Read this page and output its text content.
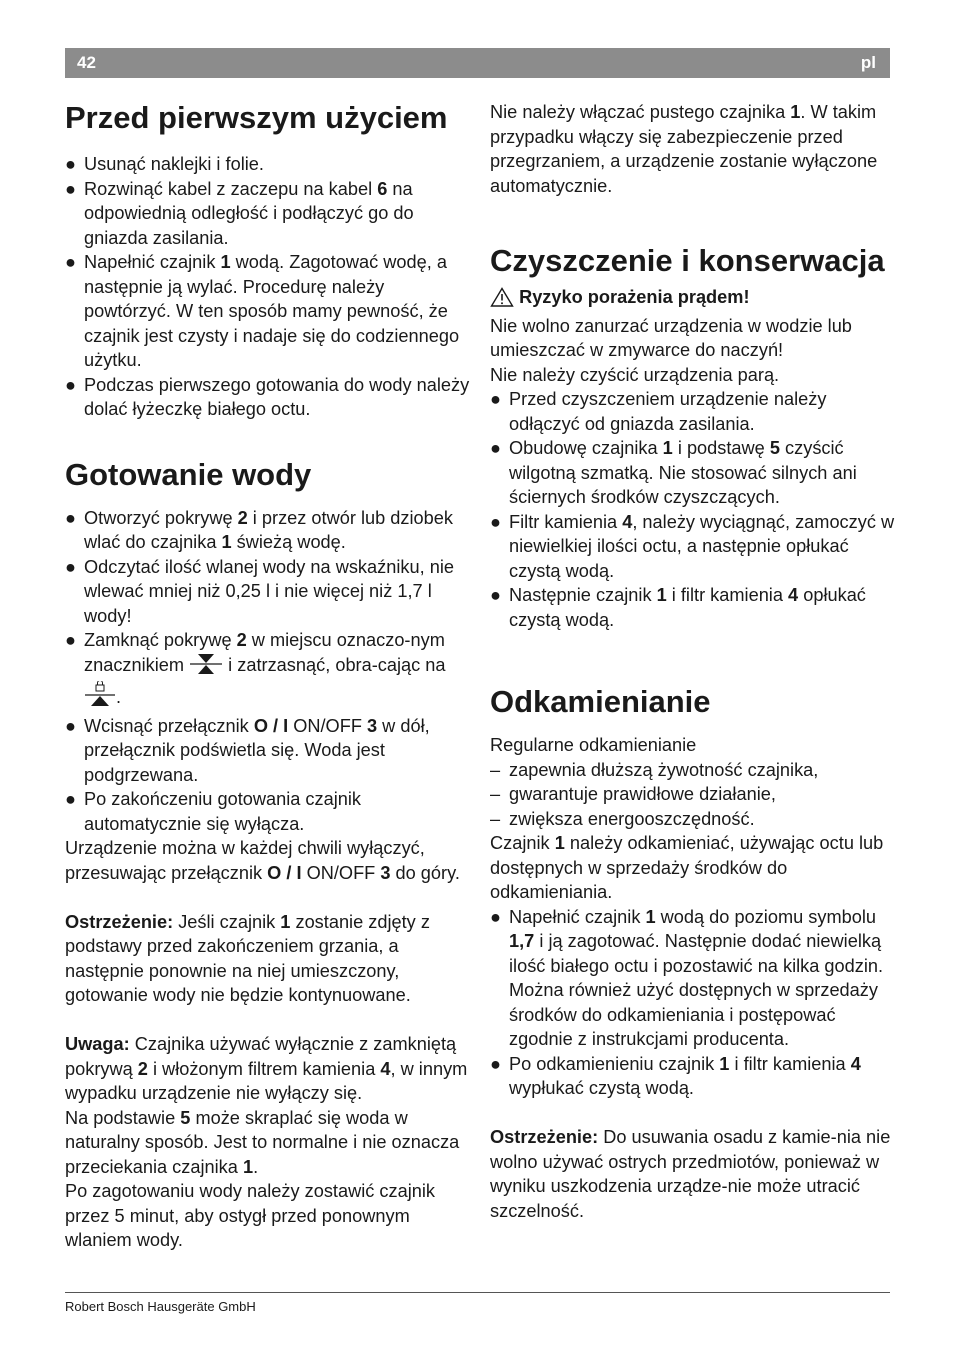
42	pl
Przed pierwszym użyciem
● Usunąć naklejki i folie.
● Rozwinąć kabel z zaczepu na kabel 6 na odpowiednią odległość i podłączyć go do gniazda zasilania.
● Napełnić czajnik 1 wodą. Zagotować wodę, a następnie ją wylać. Procedurę należy powtórzyć. W ten sposób mamy pewność, że czajnik jest czysty i nadaje się do codziennego użytku.
● Podczas pierwszego gotowania do wody należy dolać łyżeczkę białego octu.
Gotowanie wody
● Otworzyć pokrywę 2 i przez otwór lub dziobek wlać do czajnika 1 świeżą wodę.
● Odczytać ilość wlanej wody na wskaźniku, nie wlewać mniej niż 0,25 l i nie więcej niż 1,7 l wody!
● Zamknąć pokrywę 2 w miejscu oznaczo-nym znacznikiem  i zatrzasnąć, obra-cając na .
● Wcisnąć przełącznik O / I ON/OFF 3 w dół, przełącznik podświetla się. Woda jest podgrzewana.
● Po zakończeniu gotowania czajnik automatycznie się wyłącza.

Urządzenie można w każdej chwili wyłączyć, przesuwając przełącznik O / I ON/OFF 3 do góry.

Ostrzeżenie: Jeśli czajnik 1 zostanie zdjęty z podstawy przed zakończeniem grzania, a następnie ponownie na niej umieszczony, gotowanie wody nie będzie kontynuowane.

Uwaga: Czajnika używać wyłącznie z zamkniętą pokrywą 2 i włożonym filtrem kamienia 4, w innym wypadku urządzenie nie wyłączy się.

Na podstawie 5 może skraplać się woda w naturalny sposób. Jest to normalne i nie oznacza przeciekania czajnika 1.

Po zagotowaniu wody należy zostawić czajnik przez 5 minut, aby ostygł przed ponownym wlaniem wody.

Nie należy włączać pustego czajnika 1. W takim przypadku włączy się zabezpieczenie przed przegrzaniem, a urządzenie zostanie wyłączone automatycznie.

Czyszczenie i konserwacja

Ryzyko porażenia prądem!

Nie wolno zanurzać urządzenia w wodzie lub umieszczać w zmywarce do naczyń!

Nie należy czyścić urządzenia parą.

● Przed czyszczeniem urządzenie należy odłączyć od gniazda zasilania.
● Obudowę czajnika 1 i podstawę 5 czyścić wilgotną szmatką. Nie stosować silnych ani ściernych środków czyszczących.
● Filtr kamienia 4, należy wyciągnąć, zamoczyć w niewielkiej ilości octu, a następnie opłukać czystą wodą.
● Następnie czajnik 1 i filtr kamienia 4 opłukać czystą wodą.
Odkamienianie

Regularne odkamienianie

– zapewnia dłuższą żywotność czajnika,
– gwarantuje prawidłowe działanie,
– zwiększa energooszczędność.

Czajnik 1 należy odkamieniać, używając octu lub dostępnych w sprzedaży środków do odkamieniania.

● Napełnić czajnik 1 wodą do poziomu symbolu 1,7 i ją zagotować. Następnie dodać niewielką ilość białego octu i pozostawić na kilka godzin. Można również użyć dostępnych w sprzedaży środków do odkamieniania i postępować zgodnie z instrukcjami producenta.
● Po odkamienieniu czajnik 1 i filtr kamienia 4 wypłukać czystą wodą.

Ostrzeżenie: Do usuwania osadu z kamie-nia nie wolno używać ostrych przedmiotów, ponieważ w wyniku uszkodzenia urządze-nie może utracić szczelność.

Robert Bosch Hausgeräte GmbH
